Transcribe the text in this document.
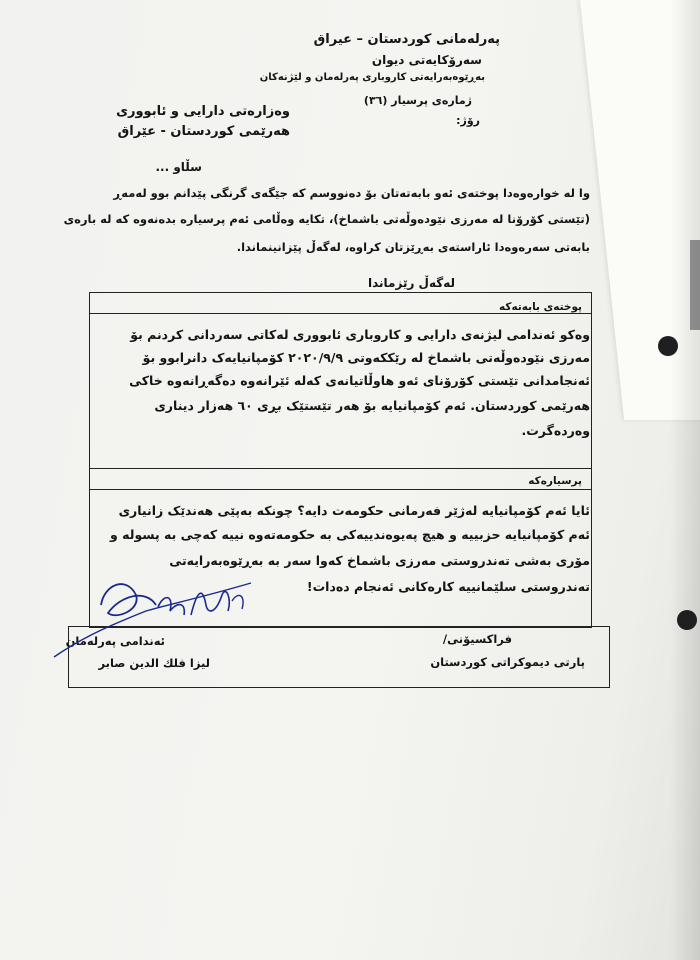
پەرلەمانی کوردستان – عیراق
سەرۆکایەتی دیوان
بەڕێوەبەرایەتی کاروباری پەرلەمان و لێژنەکان
ژمارەی پرسیار (٣٦)
رۆژ:
وەزارەتی دارایی و ئابووری
هەرێمی کوردستان - عێراق
سڵاو ...
وا لە خوارەوەدا پوختەی ئەو بابەتەتان بۆ دەنووسم کە جێگەی گرنگی پێدانم بوو لەمەڕ
(تێستی کۆرۆنا لە مەرزی نێودەوڵەتی باشماخ)، تکایە وەڵامی ئەم پرسیارە بدەنەوە کە لە بارەی
بابەتی سەرەوەدا ئاراستەی بەڕێزتان کراوە، لەگەڵ پێزانینماندا.
لەگەڵ رێزماندا
پوختەی بابەتەکە
وەکو ئەندامی لیژنەی دارایی و کاروباری ئابووری لەکاتی سەردانی کردنم بۆ
مەرزی نێودەوڵەتی باشماخ لە رێککەوتی ٢٠٢٠/٩/٩ کۆمپانیایەک دانرابوو بۆ
ئەنجامدانی تێستی کۆرۆنای ئەو هاوڵاتیانەی کەلە ئێرانەوە دەگەڕانەوە خاکی
هەرێمی کوردستان. ئەم کۆمپانیایە بۆ هەر تێستێک بڕی ٦٠ هەزار دیناری
وەردەگرت.
پرسیارەکە
ئایا ئەم کۆمپانیایە لەژێر فەرمانی حکومەت دایە؟ چونکە بەپێی هەندێک زانیاری
ئەم کۆمپانیایە حزبییە و هیچ پەیوەندییەکی بە حکومەتەوە نییە کەچی بە پسولە و
مۆری بەشی تەندروستی مەرزی باشماخ کەوا سەر بە بەڕێوەبەرایەتی
تەندروستی سلێمانییە کارەکانی ئەنجام دەدات!
ئەندامی پەرلەمان
لیزا فلك الدين صابر
فراکسیۆنی/
پارتی دیموکراتی کوردستان
